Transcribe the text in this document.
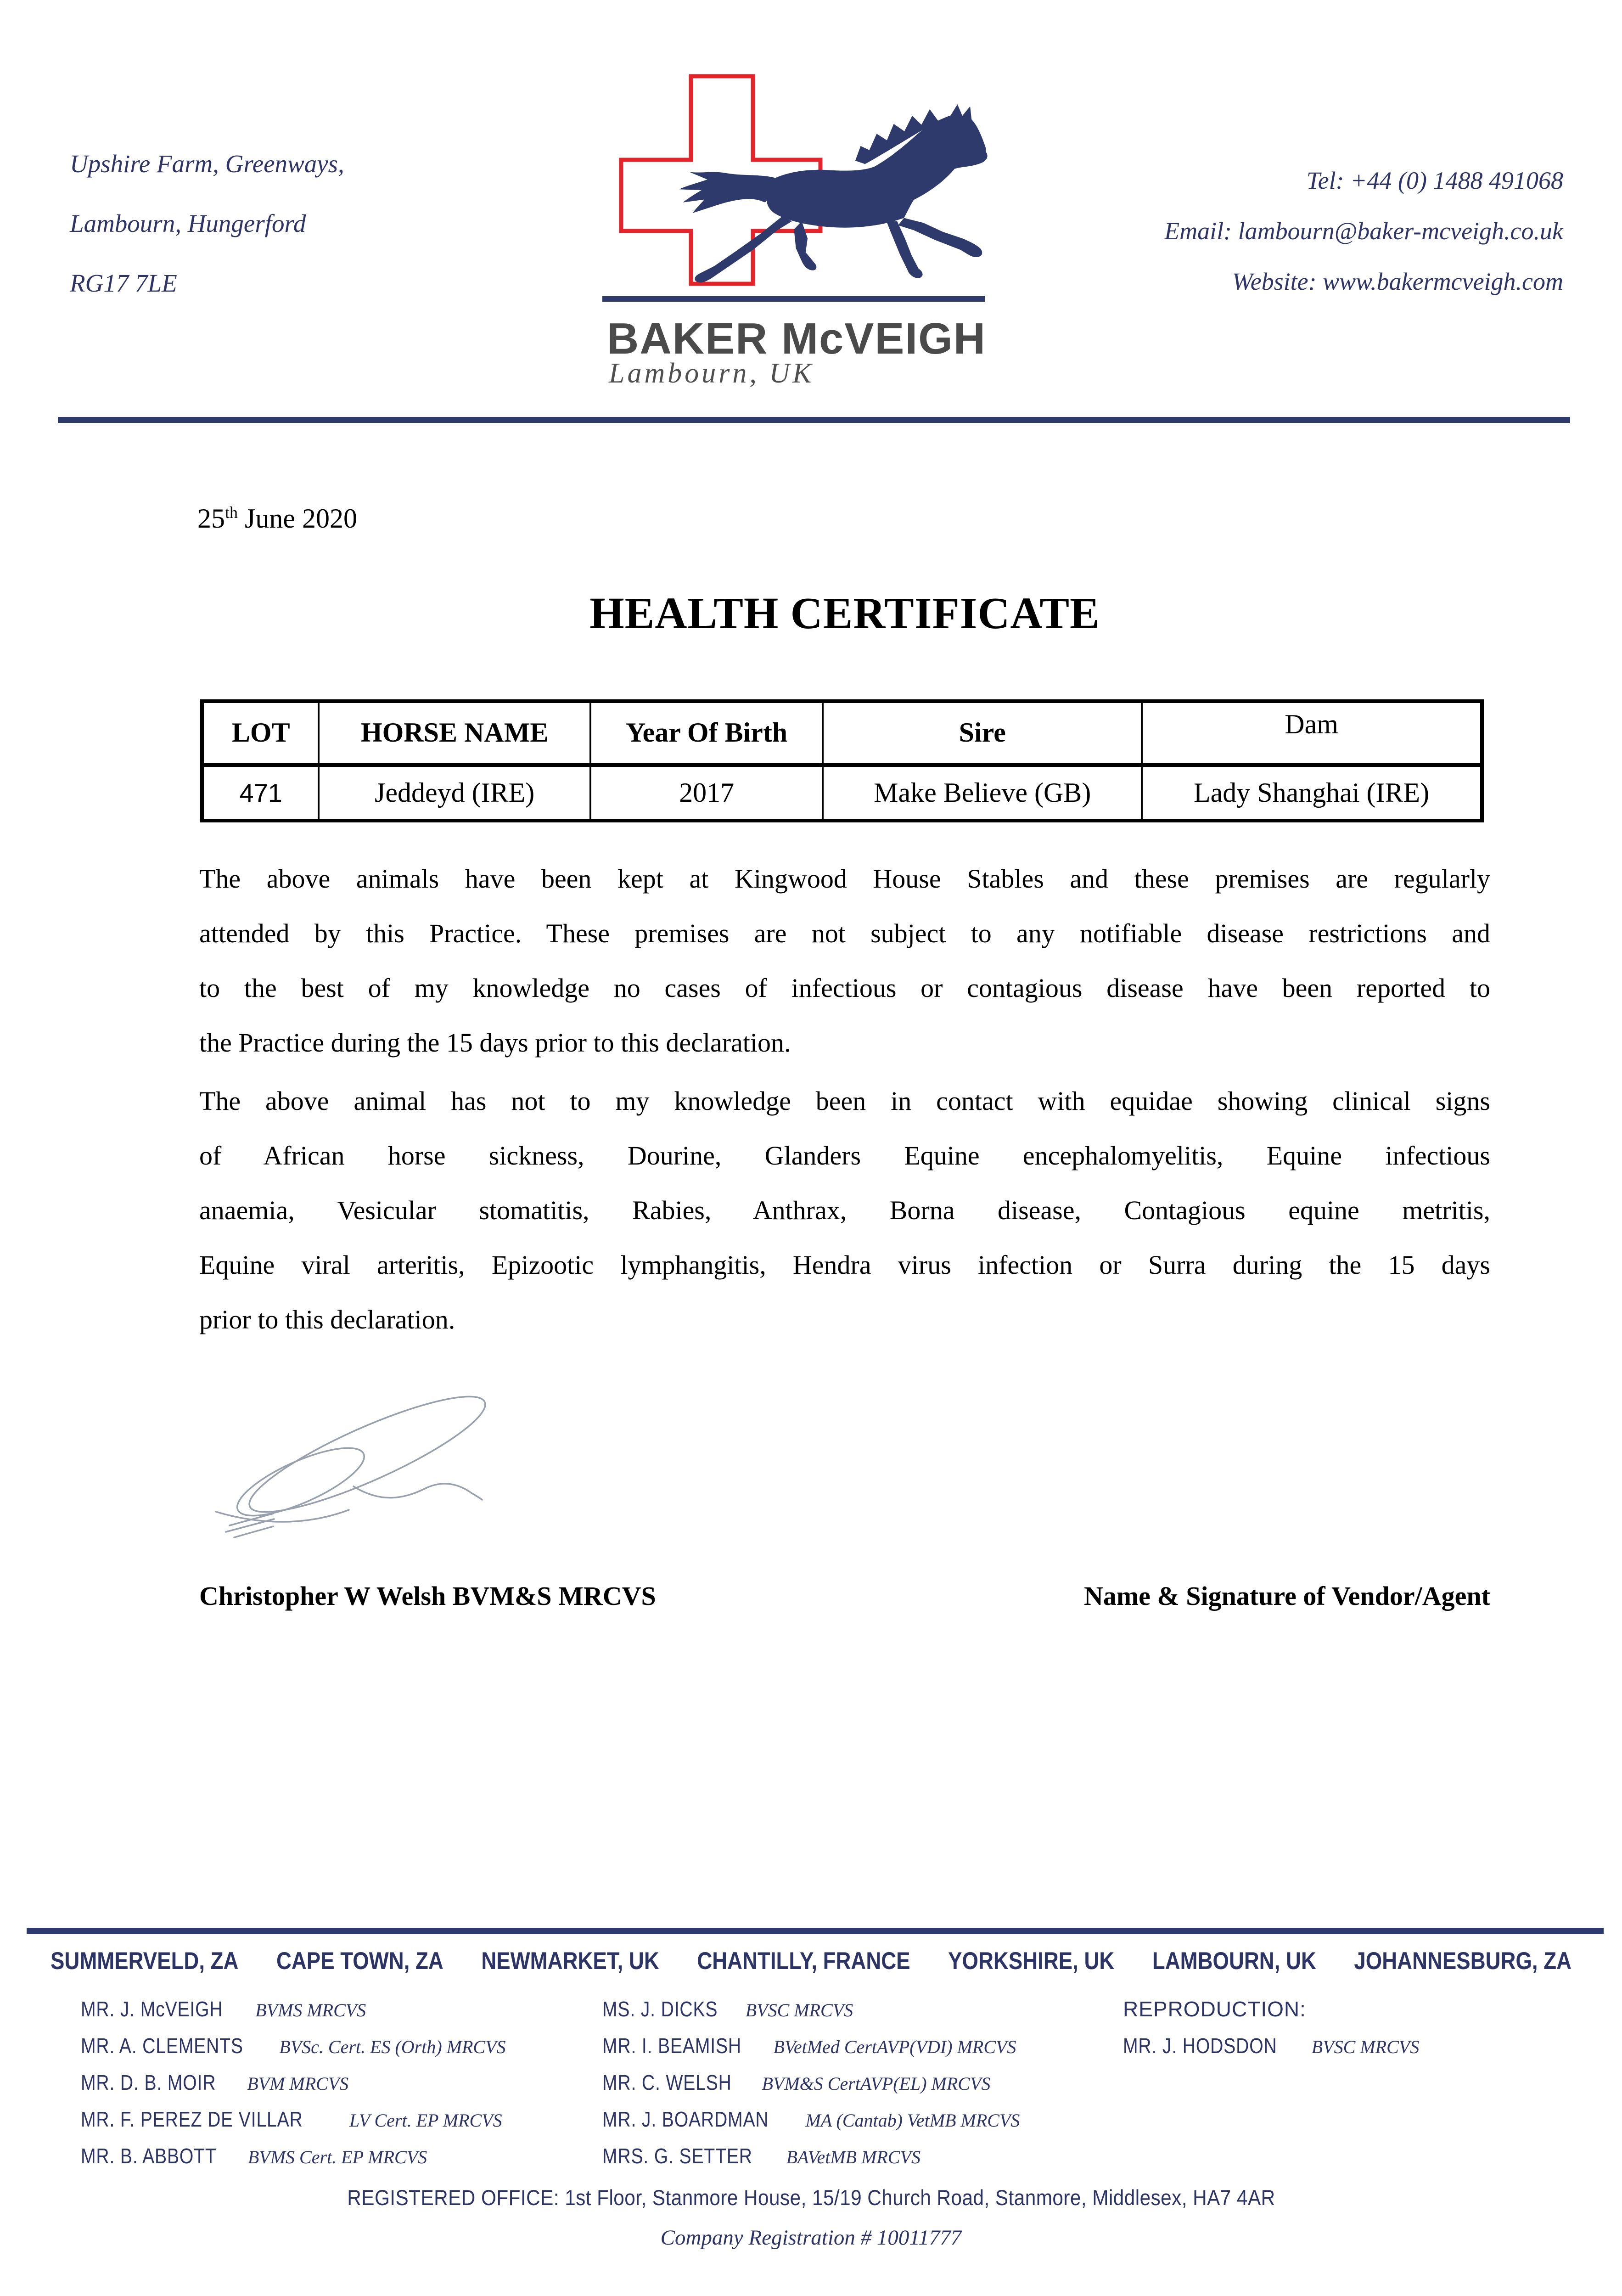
Upshire Farm, Greenways,
Lambourn, Hungerford
RG17 7LE
Tel: +44 (0) 1488 491068
Email: lambourn@baker-mcveigh.co.uk
Website: www.bakermcveigh.com
BAKER McVEIGH
Lambourn, UK
25th June 2020
HEALTH CERTIFICATE
LOT	HORSE NAME	Year Of Birth	Sire	Dam
471	Jeddeyd (IRE)	2017	Make Believe (GB)	Lady Shanghai (IRE)
The above animals have been kept at Kingwood House Stables and these premises are regularly
attended by this Practice. These premises are not subject to any notifiable disease restrictions and
to the best of my knowledge no cases of infectious or contagious disease have been reported to
the Practice during the 15 days prior to this declaration.
The above animal has not to my knowledge been in contact with equidae showing clinical signs
of African horse sickness, Dourine, Glanders Equine encephalomyelitis, Equine infectious
anaemia, Vesicular stomatitis, Rabies, Anthrax, Borna disease, Contagious equine metritis,
Equine viral arteritis, Epizootic lymphangitis, Hendra virus infection or Surra during the 15 days
prior to this declaration.
Christopher W Welsh BVM&S MRCVS	Name & Signature of Vendor/Agent
SUMMERVELD, ZA CAPE TOWN, ZA NEWMARKET, UK CHANTILLY, FRANCE YORKSHIRE, UK LAMBOURN, UK JOHANNESBURG, ZA
MR. J. McVEIGH BVMS MRCVS
MR. A. CLEMENTS BVSc. Cert. ES (Orth) MRCVS
MR. D. B. MOIR BVM MRCVS
MR. F. PEREZ DE VILLAR	LV Cert. EP MRCVS
MR. B. ABBOTT BVMS Cert. EP MRCVS
MS. J. DICKS BVSC MRCVS
MR. I. BEAMISH BVetMed CertAVP(VDI) MRCVS
MR. C. WELSH BVM&S CertAVP(EL) MRCVS
MR. J. BOARDMAN MA (Cantab) VetMB MRCVS
MRS. G. SETTER BAVetMB MRCVS
REPRODUCTION:
MR. J. HODSDON BVSC MRCVS
REGISTERED OFFICE: 1st Floor, Stanmore House, 15/19 Church Road, Stanmore, Middlesex, HA7 4AR
Company Registration # 10011777
